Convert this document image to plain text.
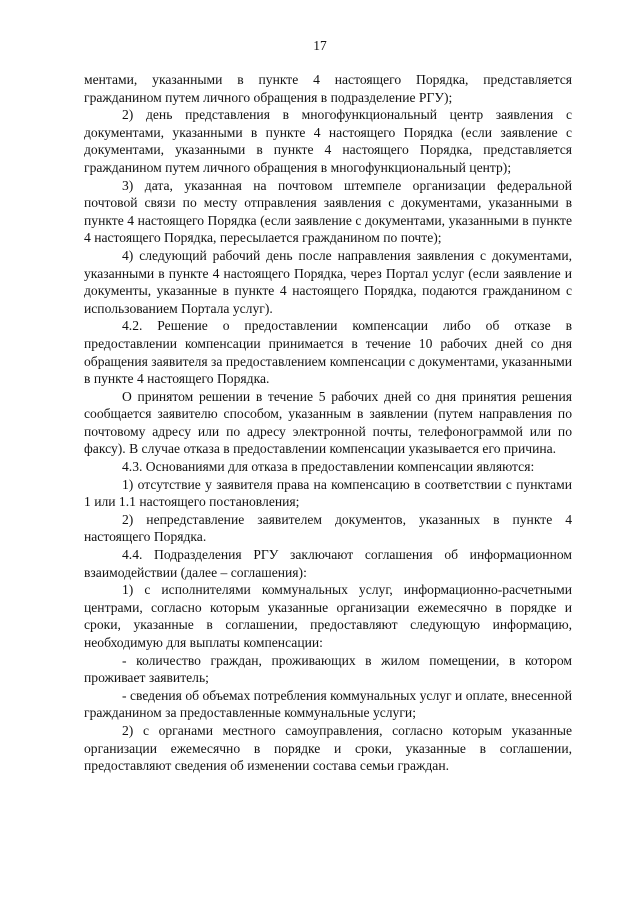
17

ментами, указанными в пункте 4 настоящего Порядка, представляется гражданином путем личного обращения в подразделение РГУ);

2) день представления в многофункциональный центр заявления с документами, указанными в пункте 4 настоящего Порядка (если заявление с документами, указанными в пункте 4 настоящего Порядка, представляется гражданином путем личного обращения в многофункциональный центр);

3) дата, указанная на почтовом штемпеле организации федеральной почтовой связи по месту отправления заявления с документами, указанными в пункте 4 настоящего Порядка (если заявление с документами, указанными в пункте 4 настоящего Порядка, пересылается гражданином по почте);

4) следующий рабочий день после направления заявления с документами, указанными в пункте 4 настоящего Порядка, через Портал услуг (если заявление и документы, указанные в пункте 4 настоящего Порядка, подаются гражданином с использованием Портала услуг).

4.2. Решение о предоставлении компенсации либо об отказе в предоставлении компенсации принимается в течение 10 рабочих дней со дня обращения заявителя за предоставлением компенсации с документами, указанными в пункте 4 настоящего Порядка.

О принятом решении в течение 5 рабочих дней со дня принятия решения сообщается заявителю способом, указанным в заявлении (путем направления по почтовому адресу или по адресу электронной почты, телефонограммой или по факсу). В случае отказа в предоставлении компенсации указывается его причина.

4.3. Основаниями для отказа в предоставлении компенсации являются:

1) отсутствие у заявителя права на компенсацию в соответствии с пунктами 1 или 1.1 настоящего постановления;

2) непредставление заявителем документов, указанных в пункте 4 настоящего Порядка.

4.4. Подразделения РГУ заключают соглашения об информационном взаимодействии (далее – соглашения):

1) с исполнителями коммунальных услуг, информационно-расчетными центрами, согласно которым указанные организации ежемесячно в порядке и сроки, указанные в соглашении, предоставляют следующую информацию, необходимую для выплаты компенсации:

- количество граждан, проживающих в жилом помещении, в котором проживает заявитель;

- сведения об объемах потребления коммунальных услуг и оплате, внесенной гражданином за предоставленные коммунальные услуги;

2) с органами местного самоуправления, согласно которым указанные организации ежемесячно в порядке и сроки, указанные в соглашении, предоставляют сведения об изменении состава семьи граждан.
